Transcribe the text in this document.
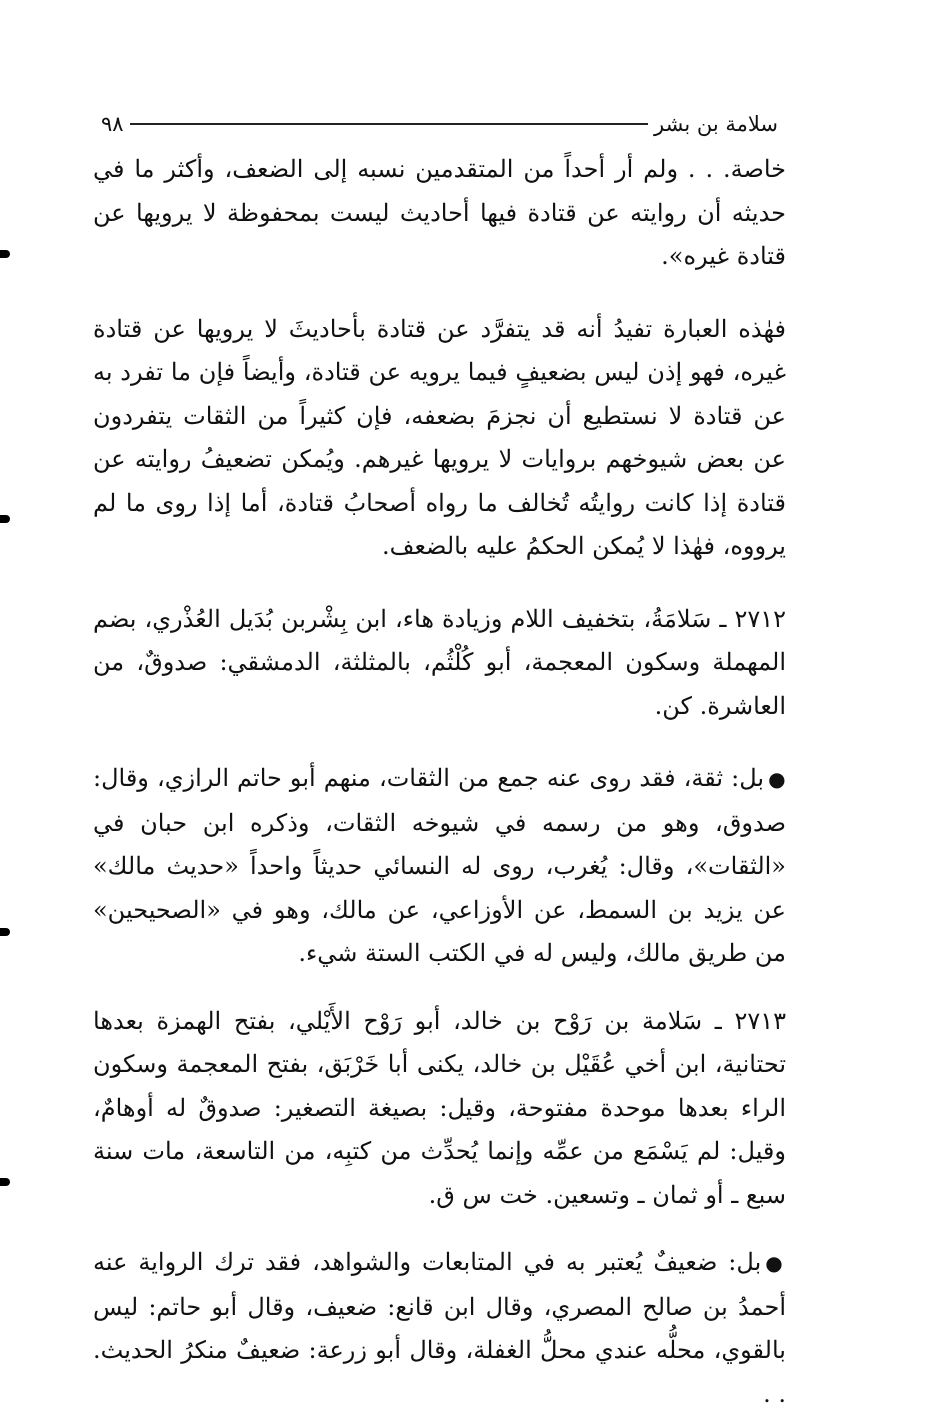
سلامة بن بشر
٩٨

خاصة. . . ولم أر أحداً من المتقدمين نسبه إلى الضعف، وأكثر ما في حديثه أن روايته عن قتادة فيها أحاديث ليست بمحفوظة لا يرويها عن قتادة غيره».

فهٰذه العبارة تفيدُ أنه قد يتفرَّد عن قتادة بأحاديثَ لا يرويها عن قتادة غيره، فهو إذن ليس بضعيفٍ فيما يرويه عن قتادة، وأيضاً فإن ما تفرد به عن قتادة لا نستطيع أن نجزمَ بضعفه، فإن كثيراً من الثقات يتفردون عن بعض شيوخهم بروايات لا يرويها غيرهم. ويُمكن تضعيفُ روايته عن قتادة إذا كانت روايتُه تُخالف ما رواه أصحابُ قتادة، أما إذا روى ما لم يرووه، فهٰذا لا يُمكن الحكمُ عليه بالضعف.

٢٧١٢ ـ سَلامَةُ، بتخفيف اللام وزيادة هاء، ابن بِشْربن بُدَيل العُذْري، بضم المهملة وسكون المعجمة، أبو كُلْثُم، بالمثلثة، الدمشقي: صدوقٌ، من العاشرة. كن.

●بل: ثقة، فقد روى عنه جمع من الثقات، منهم أبو حاتم الرازي، وقال: صدوق، وهو من رسمه في شيوخه الثقات، وذكره ابن حبان في «الثقات»، وقال: يُغرب، روى له النسائي حديثاً واحداً «حديث مالك» عن يزيد بن السمط، عن الأوزاعي، عن مالك، وهو في «الصحيحين» من طريق مالك، وليس له في الكتب الستة شيء.

٢٧١٣ ـ سَلامة بن رَوْح بن خالد، أبو رَوْح الأَيْلي، بفتح الهمزة بعدها تحتانية، ابن أخي عُقَيْل بن خالد، يكنى أبا خَرْبَق، بفتح المعجمة وسكون الراء بعدها موحدة مفتوحة، وقيل: بصيغة التصغير: صدوقٌ له أوهامٌ، وقيل: لم يَسْمَع من عمِّه وإنما يُحدِّث من كتبِه، من التاسعة، مات سنة سبع ـ أو ثمان ـ وتسعين. خت س ق.

●بل: ضعيفٌ يُعتبر به في المتابعات والشواهد، فقد ترك الرواية عنه أحمدُ بن صالح المصري، وقال ابن قانع: ضعيف، وقال أبو حاتم: ليس بالقوي، محلُّه عندي محلُّ الغفلة، وقال أبو زرعة: ضعيفٌ منكرُ الحديث. . .
